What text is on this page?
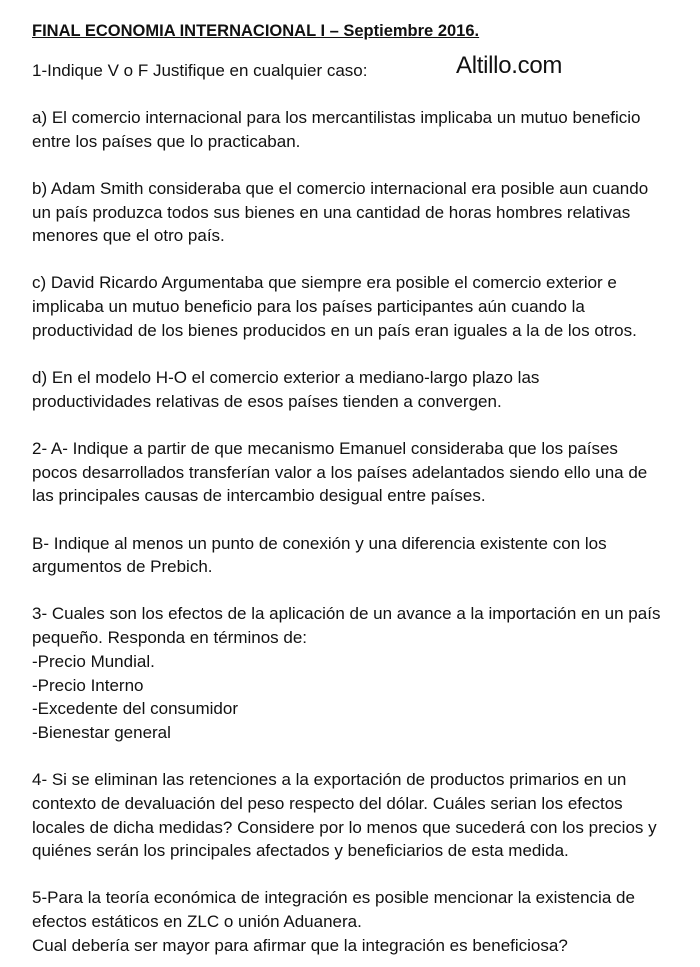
Altillo.com
FINAL ECONOMIA INTERNACIONAL I – Septiembre 2016.
1-Indique V o F Justifique en cualquier caso:
a) El comercio internacional para los mercantilistas implicaba un mutuo beneficio
entre los países que lo practicaban.
b) Adam Smith consideraba que el comercio internacional era posible aun cuando
un país produzca todos sus bienes en una cantidad de horas hombres relativas
menores que el otro país.
c) David Ricardo Argumentaba que siempre era posible el comercio exterior e
implicaba un mutuo beneficio para los países participantes aún cuando la
productividad de los bienes producidos en un país eran iguales a la de los otros.
d) En el modelo H-O el comercio exterior a mediano-largo plazo las
productividades relativas de esos países tienden a convergen.
2- A- Indique a partir de que mecanismo Emanuel consideraba que los países
pocos desarrollados transferían valor a los países adelantados siendo ello una de
las principales causas de intercambio desigual entre países.
B- Indique al menos un punto de conexión y una diferencia existente con los
argumentos de Prebich.
3- Cuales son los efectos de la aplicación de un avance a la importación en un país
pequeño. Responda en términos de:
-Precio Mundial.
-Precio Interno
-Excedente del consumidor
-Bienestar general
4- Si se eliminan las retenciones a la exportación de productos primarios en un
contexto de devaluación del peso respecto del dólar. Cuáles serian los efectos
locales de dicha medidas? Considere por lo menos que sucederá con los precios y
quiénes serán los principales afectados y beneficiarios de esta medida.
5-Para la teoría económica de integración es posible mencionar la existencia de
efectos estáticos en ZLC o unión Aduanera.
Cual debería ser mayor para afirmar que la integración es beneficiosa?
